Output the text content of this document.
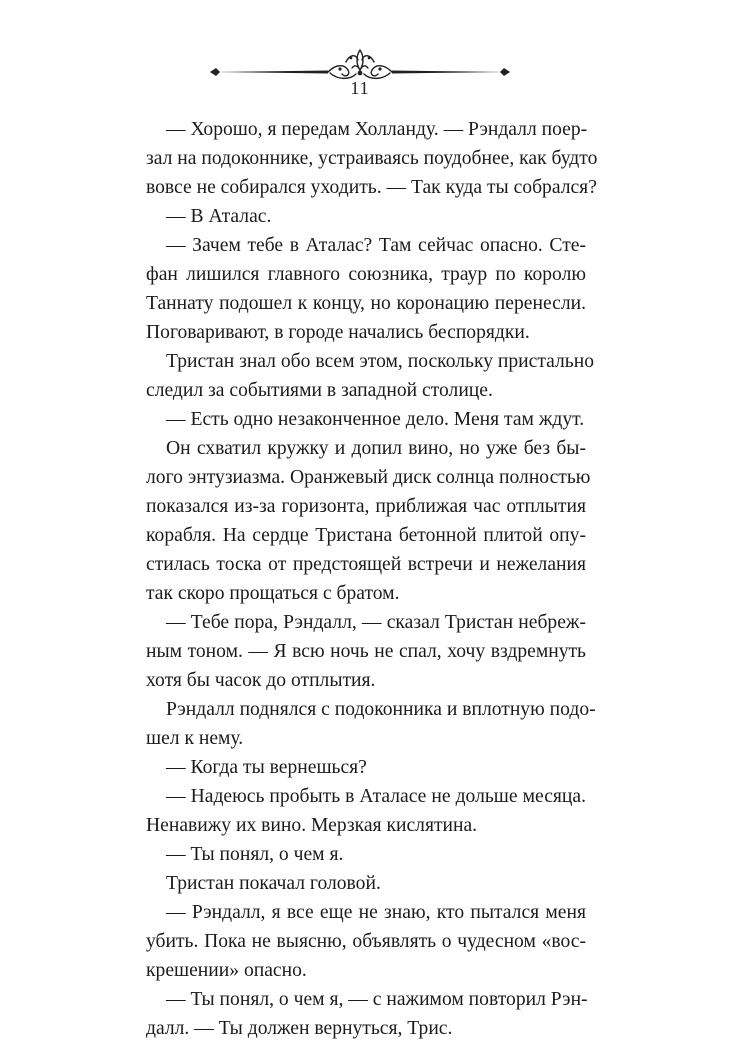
11
— Хорошо, я передам Холланду. — Рэндалл поер-
зал на подоконнике, устраиваясь поудобнее, как будто
вовсе не собирался уходить. — Так куда ты собрался?
— В Аталас.
— Зачем тебе в Аталас? Там сейчас опасно. Сте-
фан лишился главного союзника, траур по королю
Таннату подошел к концу, но коронацию перенесли.
Поговаривают, в городе начались беспорядки.
Тристан знал обо всем этом, поскольку пристально
следил за событиями в западной столице.
— Есть одно незаконченное дело. Меня там ждут.
Он схватил кружку и допил вино, но уже без бы-
лого энтузиазма. Оранжевый диск солнца полностью
показался из-за горизонта, приближая час отплытия
корабля. На сердце Тристана бетонной плитой опу-
стилась тоска от предстоящей встречи и нежелания
так скоро прощаться с братом.
— Тебе пора, Рэндалл, — сказал Тристан небреж-
ным тоном. — Я всю ночь не спал, хочу вздремнуть
хотя бы часок до отплытия.
Рэндалл поднялся с подоконника и вплотную подо-
шел к нему.
— Когда ты вернешься?
— Надеюсь пробыть в Аталасе не дольше месяца.
Ненавижу их вино. Мерзкая кислятина.
— Ты понял, о чем я.
Тристан покачал головой.
— Рэндалл, я все еще не знаю, кто пытался меня
убить. Пока не выясню, объявлять о чудесном «вос-
крешении» опасно.
— Ты понял, о чем я, — с нажимом повторил Рэн-
далл. — Ты должен вернуться, Трис.
